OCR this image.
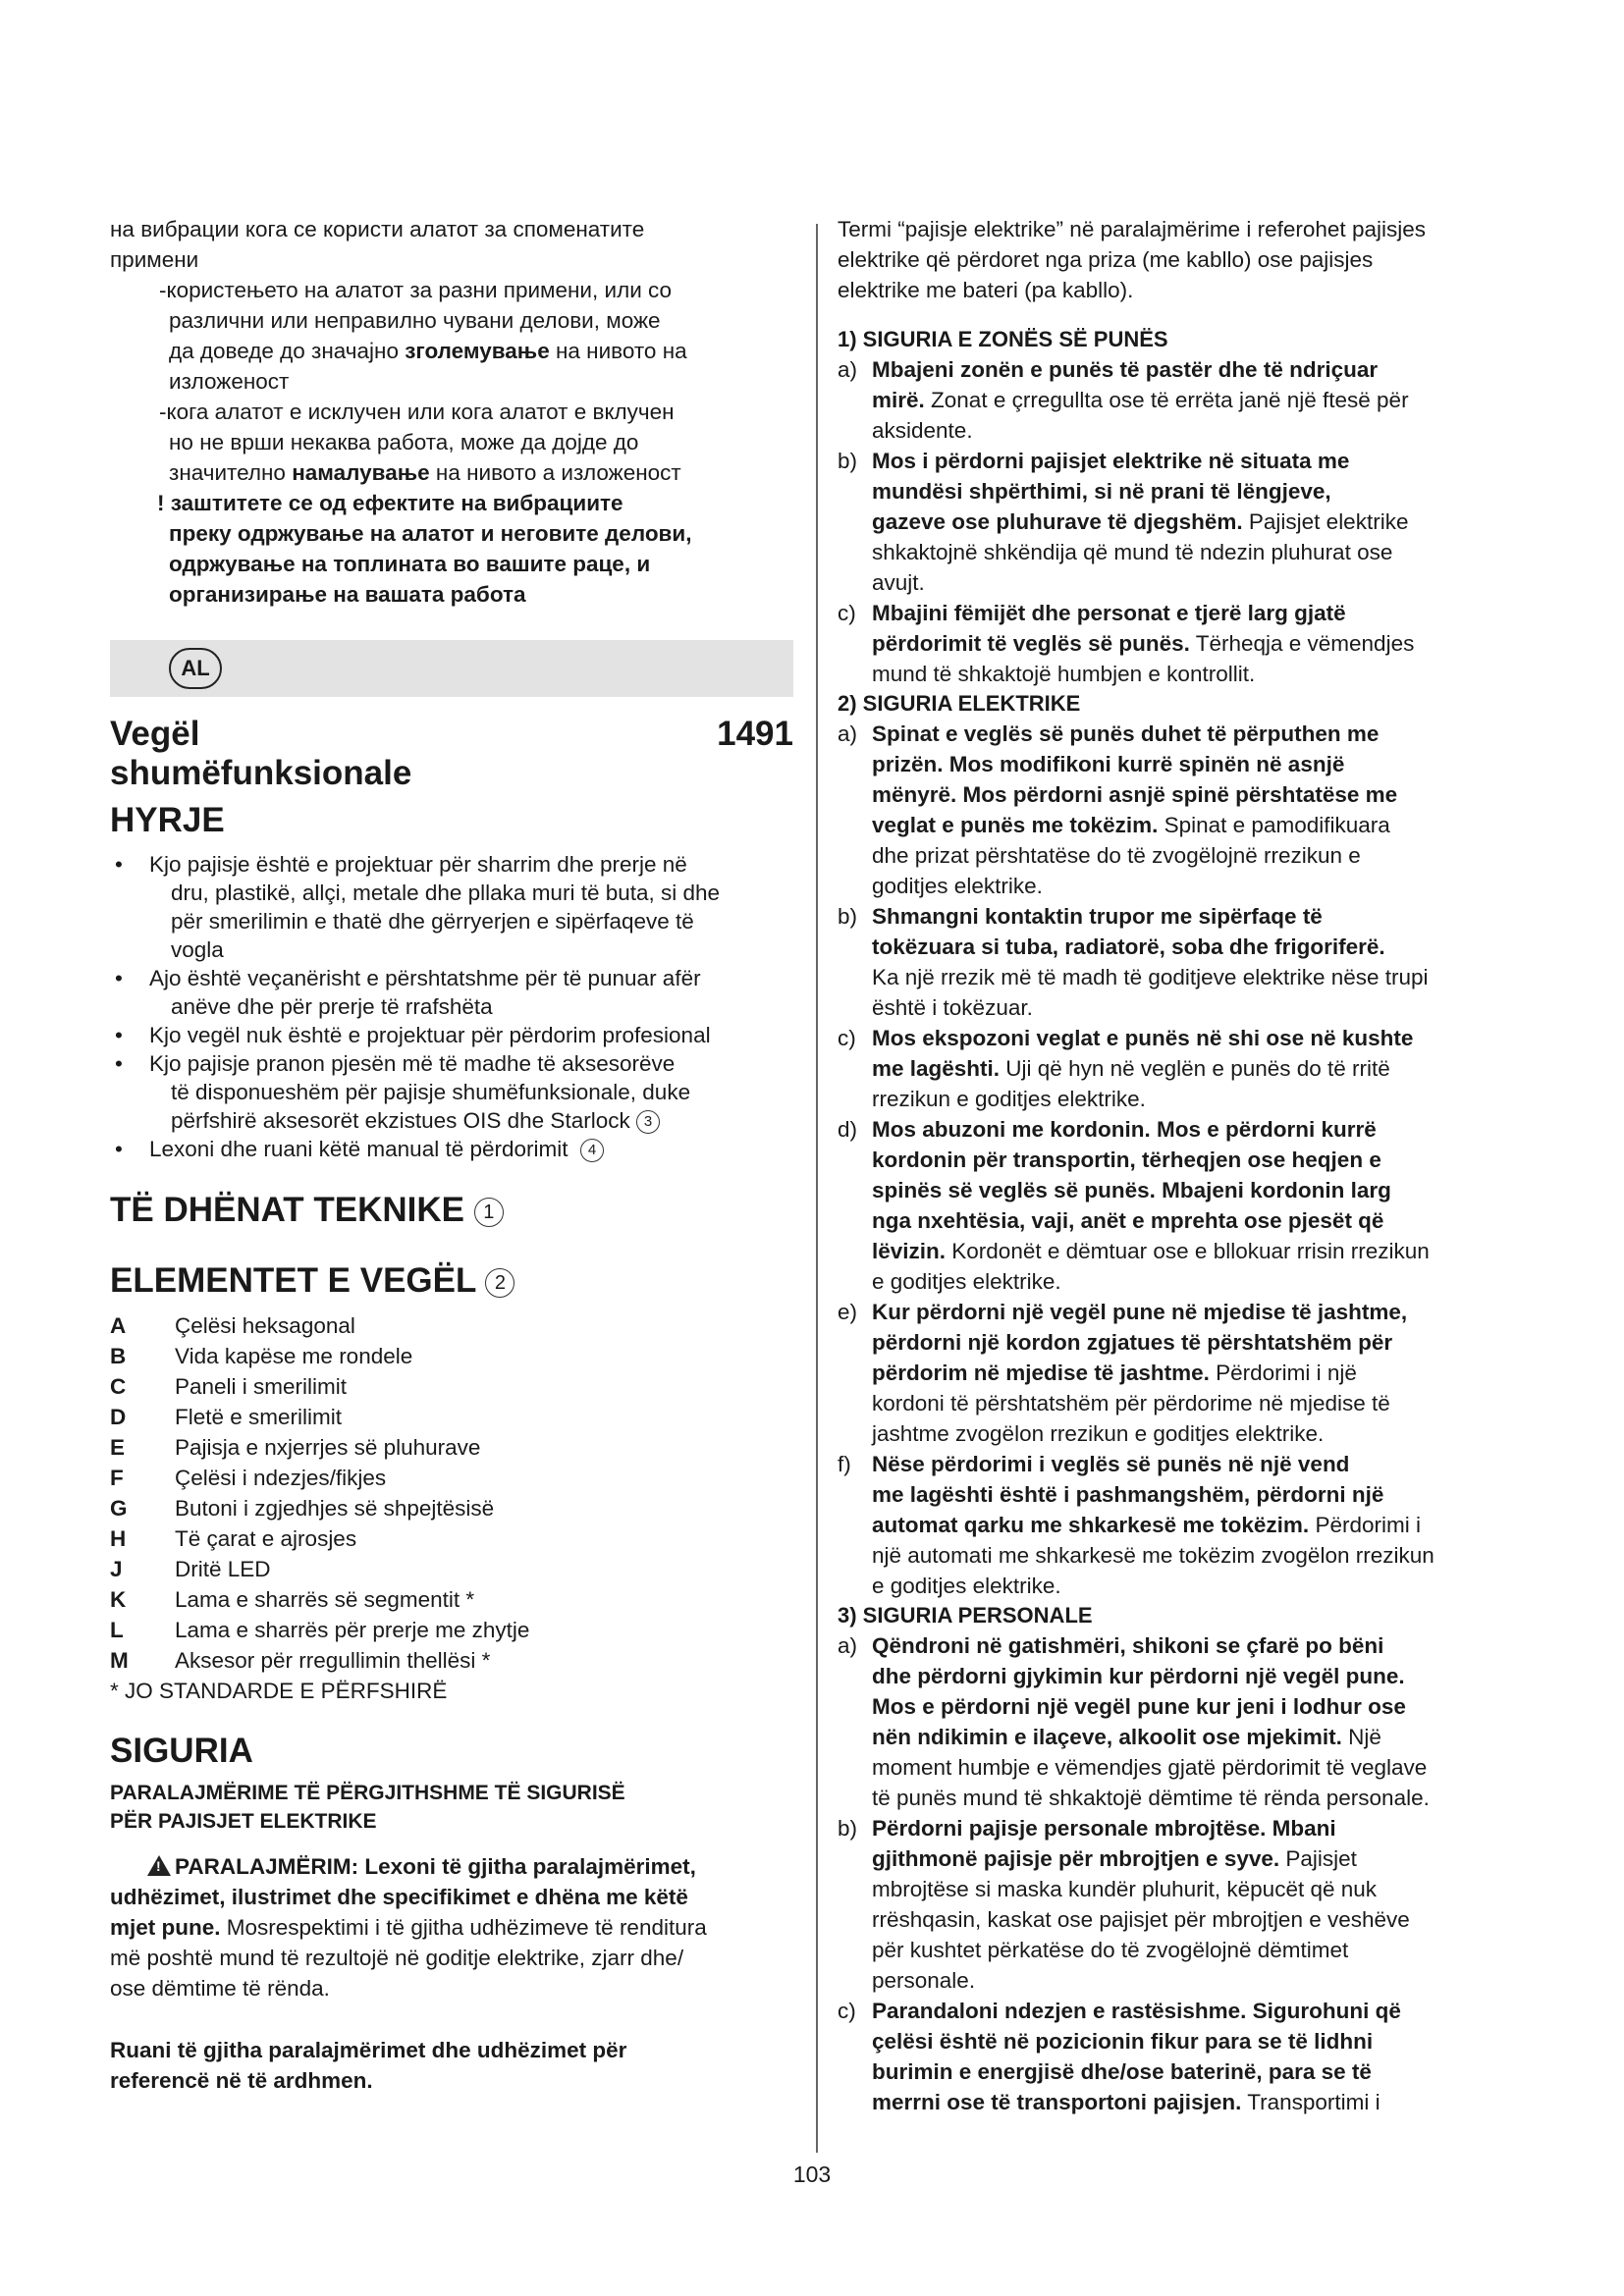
на вибрации кога се користи алатот за споменатите
примени

-користењето на алатот за разни примени, или со
различни или неправилно чувани делови, може
да доведе до значајно зголемување на нивото на
изложеност

-кога алатот е исклучен или кога алатот е вклучен
но не врши некаква работа, може да дојде до
значително намалување на нивото а изложеност

! заштитете се од ефектите на вибрациите
преку одржување на алатот и неговите делови,
одржување на топлината во вашите раце, и
организирање на вашата работа

AL
Vegël
shumëfunksionale
1491
HYRJE
• Kjo pajisje është e projektuar për sharrim dhe prerje në
dru, plastikë, allçi, metale dhe pllaka muri të buta, si dhe
për smerilimin e thatë dhe gërryerjen e sipërfaqeve të
vogla
• Ajo është veçanërisht e përshtatshme për të punuar afër
anëve dhe për prerje të rrafshëta
• Kjo vegël nuk është e projektuar për përdorim profesional
• Kjo pajisje pranon pjesën më të madhe të aksesorëve
të disponueshëm për pajisje shumëfunksionale, duke
përfshirë aksesorët ekzistues OIS dhe Starlock 3
• Lexoni dhe ruani këtë manual të përdorimit 4
TË DHËNAT TEKNIKE 1
ELEMENTET E VEGËL 2
A	Çelësi heksagonal
B	Vida kapëse me rondele
C	Paneli i smerilimit
D	Fletë e smerilimit
E	Pajisja e nxjerrjes së pluhurave
F	Çelësi i ndezjes/fikjes
G	Butoni i zgjedhjes së shpejtësisë
H	Të çarat e ajrosjes
J	Dritë LED
K	Lama e sharrës së segmentit *
L	Lama e sharrës për prerje me zhytje
M	Aksesor për rregullimin thellësi *

* JO STANDARDE E PËRFSHIRË

SIGURIA

PARALAJMËRIME TË PËRGJITHSHME TË SIGURISË
PËR PAJISJET ELEKTRIKE

!PARALAJMËRIM: Lexoni të gjitha paralajmërimet,
udhëzimet, ilustrimet dhe specifikimet e dhëna me këtë
mjet pune. Mosrespektimi i të gjitha udhëzimeve të renditura
më poshtë mund të rezultojë në goditje elektrike, zjarr dhe/
ose dëmtime të rënda.

Ruani të gjitha paralajmërimet dhe udhëzimet për
referencë në të ardhmen.

Termi “pajisje elektrike” në paralajmërime i referohet pajisjes
elektrike që përdoret nga priza (me kabllo) ose pajisjes
elektrike me bateri (pa kabllo).

1) SIGURIA E ZONËS SË PUNËS

a) Mbajeni zonën e punës të pastër dhe të ndriçuar
mirë. Zonat e çrregullta ose të errëta janë një ftesë për
aksidente.
b) Mos i përdorni pajisjet elektrike në situata me
mundësi shpërthimi, si në prani të lëngjeve,
gazeve ose pluhurave të djegshëm. Pajisjet elektrike
shkaktojnë shkëndija që mund të ndezin pluhurat ose
avujt.
c) Mbajini fëmijët dhe personat e tjerë larg gjatë
përdorimit të veglës së punës. Tërheqja e vëmendjes
mund të shkaktojë humbjen e kontrollit.

2) SIGURIA ELEKTRIKE

a) Spinat e veglës së punës duhet të përputhen me
prizën. Mos modifikoni kurrë spinën në asnjë
mënyrë. Mos përdorni asnjë spinë përshtatëse me
veglat e punës me tokëzim. Spinat e pamodifikuara
dhe prizat përshtatëse do të zvogëlojnë rrezikun e
goditjes elektrike.
b) Shmangni kontaktin trupor me sipërfaqe të
tokëzuara si tuba, radiatorë, soba dhe frigoriferë.
Ka një rrezik më të madh të goditjeve elektrike nëse trupi
është i tokëzuar.
c) Mos ekspozoni veglat e punës në shi ose në kushte
me lagështi. Uji që hyn në veglën e punës do të rritë
rrezikun e goditjes elektrike.
d) Mos abuzoni me kordonin. Mos e përdorni kurrë
kordonin për transportin, tërheqjen ose heqjen e
spinës së veglës së punës. Mbajeni kordonin larg
nga nxehtësia, vaji, anët e mprehta ose pjesët që
lëvizin. Kordonët e dëmtuar ose e bllokuar rrisin rrezikun
e goditjes elektrike.
e) Kur përdorni një vegël pune në mjedise të jashtme,
përdorni një kordon zgjatues të përshtatshëm për
përdorim në mjedise të jashtme. Përdorimi i një
kordoni të përshtatshëm për përdorime në mjedise të
jashtme zvogëlon rrezikun e goditjes elektrike.
f) Nëse përdorimi i veglës së punës në një vend
me lagështi është i pashmangshëm, përdorni një
automat qarku me shkarkesë me tokëzim. Përdorimi i
një automati me shkarkesë me tokëzim zvogëlon rrezikun
e goditjes elektrike.

3) SIGURIA PERSONALE

a) Qëndroni në gatishmëri, shikoni se çfarë po bëni
dhe përdorni gjykimin kur përdorni një vegël pune.
Mos e përdorni një vegël pune kur jeni i lodhur ose
nën ndikimin e ilaçeve, alkoolit ose mjekimit. Një
moment humbje e vëmendjes gjatë përdorimit të veglave
të punës mund të shkaktojë dëmtime të rënda personale.
b) Përdorni pajisje personale mbrojtëse. Mbani
gjithmonë pajisje për mbrojtjen e syve. Pajisjet
mbrojtëse si maska kundër pluhurit, këpucët që nuk
rrëshqasin, kaskat ose pajisjet për mbrojtjen e veshëve
për kushtet përkatëse do të zvogëlojnë dëmtimet
personale.
c) Parandaloni ndezjen e rastësishme. Sigurohuni që
çelësi është në pozicionin fikur para se të lidhni
burimin e energjisë dhe/ose baterinë, para se të
merrni ose të transportoni pajisjen. Transportimi i
103
